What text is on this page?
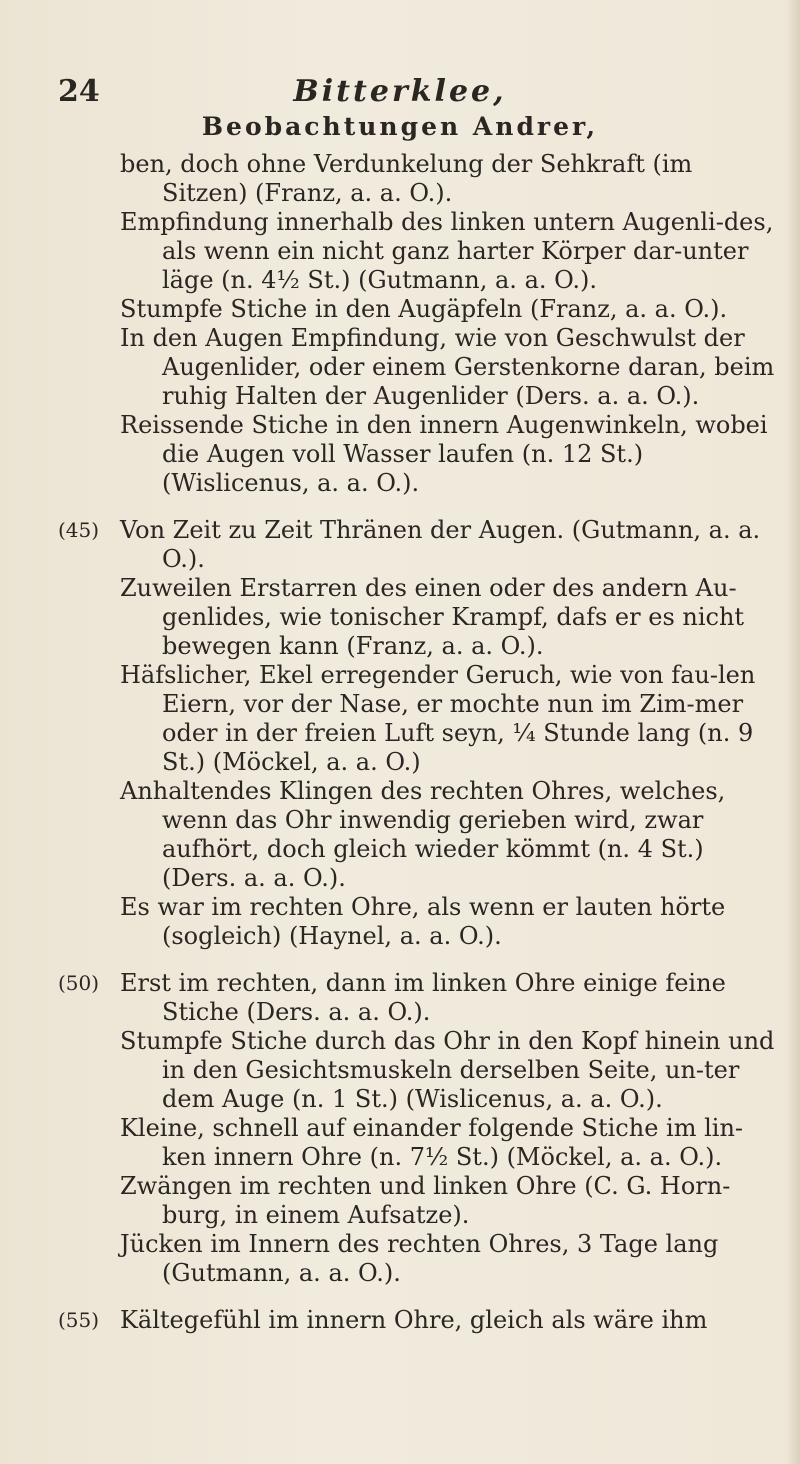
24	Bitterklee,
Beobachtungen Andrer,
ben, doch ohne Verdunkelung der Sehkraft (im Sitzen) (Franz, a. a. O.).
Empfindung innerhalb des linken untern Augenli-des, als wenn ein nicht ganz harter Körper dar-unter läge (n. 4½ St.) (Gutmann, a. a. O.).
Stumpfe Stiche in den Augäpfeln (Franz, a. a. O.).
In den Augen Empfindung, wie von Geschwulst der Augenlider, oder einem Gerstenkorne daran, beim ruhig Halten der Augenlider (Ders. a. a. O.).
Reissende Stiche in den innern Augenwinkeln, wobei die Augen voll Wasser laufen (n. 12 St.) (Wislicenus, a. a. O.).
(45) Von Zeit zu Zeit Thränen der Augen. (Gutmann, a. a. O.).
Zuweilen Erstarren des einen oder des andern Au-genlides, wie tonischer Krampf, dafs er es nicht bewegen kann (Franz, a. a. O.).
Häfslicher, Ekel erregender Geruch, wie von fau-len Eiern, vor der Nase, er mochte nun im Zim-mer oder in der freien Luft seyn, ¼ Stunde lang (n. 9 St.) (Möckel, a. a. O.)
Anhaltendes Klingen des rechten Ohres, welches, wenn das Ohr inwendig gerieben wird, zwar aufhört, doch gleich wieder kömmt (n. 4 St.) (Ders. a. a. O.).
Es war im rechten Ohre, als wenn er lauten hörte (sogleich) (Haynel, a. a. O.).
(50) Erst im rechten, dann im linken Ohre einige feine Stiche (Ders. a. a. O.).
Stumpfe Stiche durch das Ohr in den Kopf hinein und in den Gesichtsmuskeln derselben Seite, un-ter dem Auge (n. 1 St.) (Wislicenus, a. a. O.).
Kleine, schnell auf einander folgende Stiche im lin-ken innern Ohre (n. 7½ St.) (Möckel, a. a. O.).
Zwängen im rechten und linken Ohre (C. G. Horn-burg, in einem Aufsatze).
Jücken im Innern des rechten Ohres, 3 Tage lang (Gutmann, a. a. O.).
(55) Kältegefühl im innern Ohre, gleich als wäre ihm
